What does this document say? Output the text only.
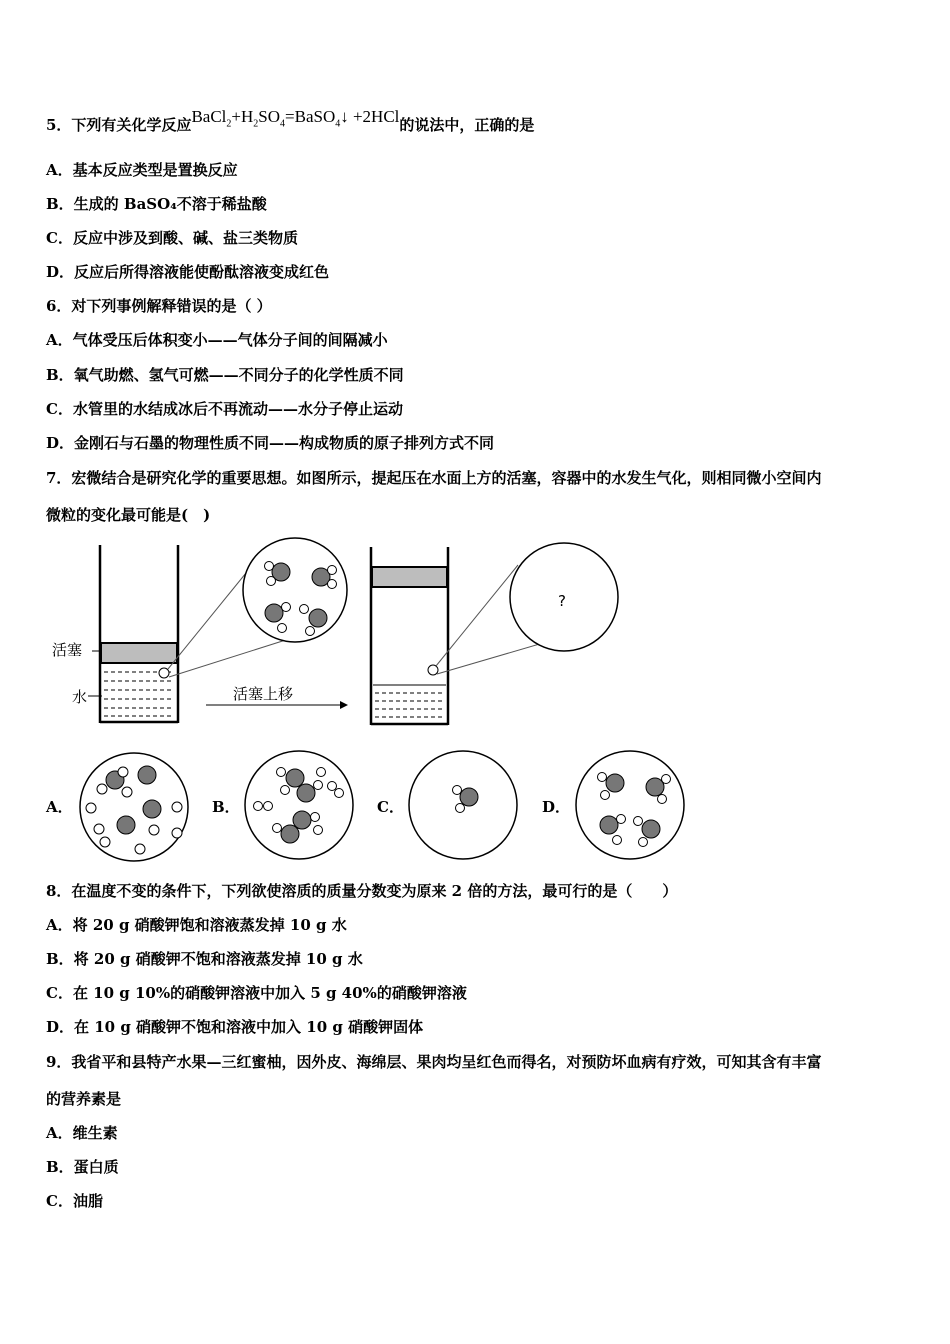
5．下列有关化学反应$BaCl_2+H_2SO_4=BaSO_4↓ +2HCl$的说法中，正确的是
A．基本反应类型是置换反应
B．生成的 BaSO₄不溶于稀盐酸
C．反应中涉及到酸、碱、盐三类物质
D．反应后所得溶液能使酚酞溶液变成红色
6．对下列事例解释错误的是（ ）
A．气体受压后体积变小——气体分子间的间隔减小
B．氧气助燃、氢气可燃——不同分子的化学性质不同
C．水管里的水结成冰后不再流动——水分子停止运动
D．金刚石与石墨的物理性质不同——构成物质的原子排列方式不同
7．宏微结合是研究化学的重要思想。如图所示，提起压在水面上方的活塞，容器中的水发生气化，则相同微小空间内
微粒的变化最可能是(　)
活塞
水	活塞上移
?
A．	B．	C．	D．
8．在温度不变的条件下，下列欲使溶质的质量分数变为原来 2 倍的方法，最可行的是（　　）
A．将 20 g 硝酸钾饱和溶液蒸发掉 10 g 水
B．将 20 g 硝酸钾不饱和溶液蒸发掉 10 g 水
C．在 10 g 10%的硝酸钾溶液中加入 5 g 40%的硝酸钾溶液
D．在 10 g 硝酸钾不饱和溶液中加入 10 g 硝酸钾固体
9．我省平和县特产水果—三红蜜柚，因外皮、海绵层、果肉均呈红色而得名，对预防坏血病有疗效，可知其含有丰富
的营养素是
A．维生素
B．蛋白质
C．油脂
